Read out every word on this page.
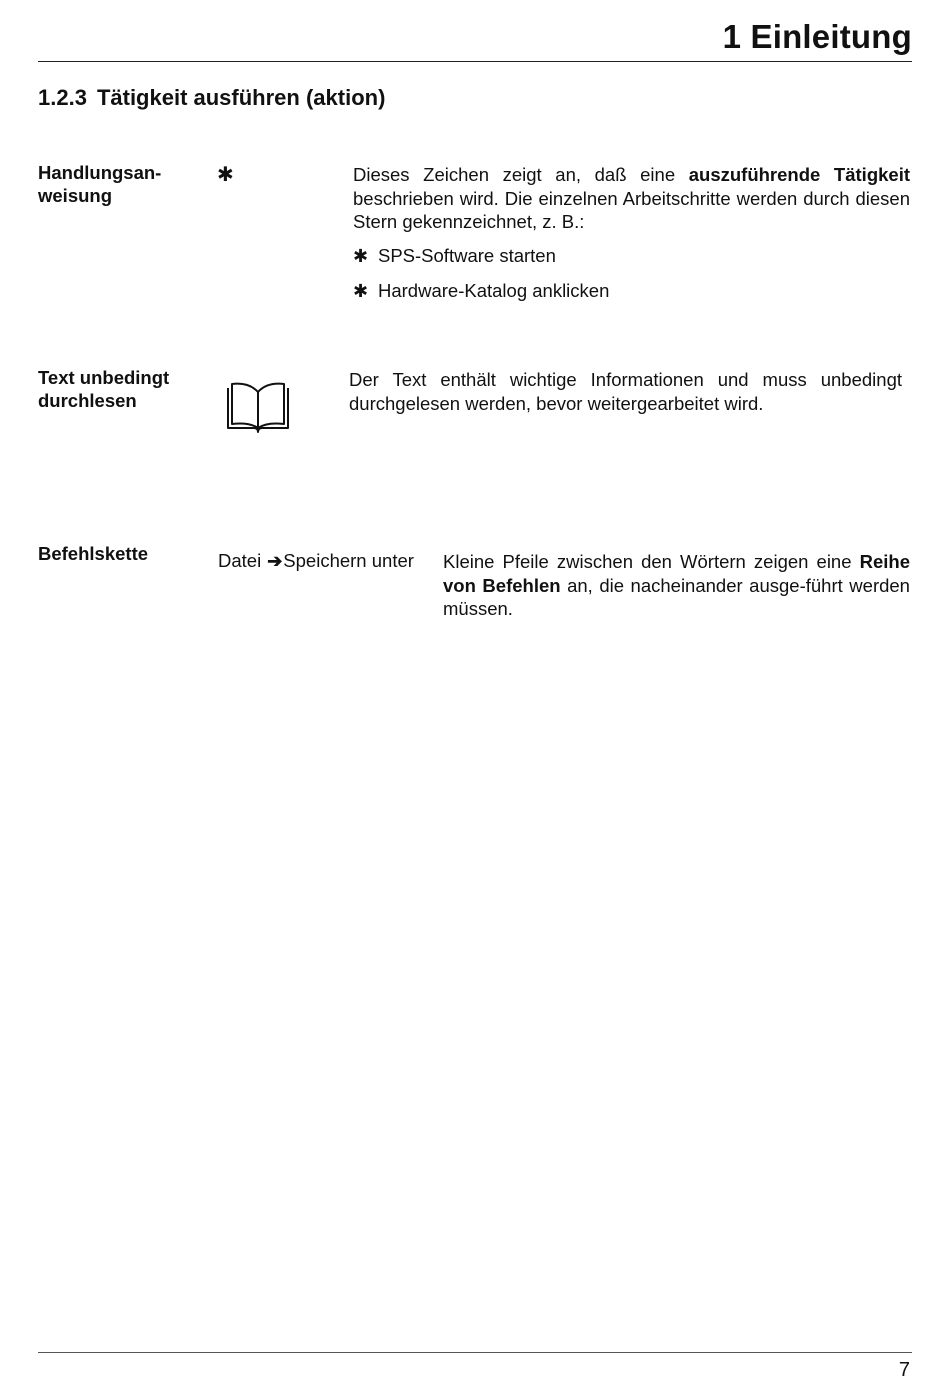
1 Einleitung
1.2.3 Tätigkeit ausführen (aktion)
Handlungsan-
weisung
✱	Dieses Zeichen zeigt an, daß eine auszuführende Tätigkeit beschrieben wird. Die einzelnen Arbeitschritte werden durch diesen Stern gekennzeichnet, z. B.:
✱ SPS-Software starten
✱ Hardware-Katalog anklicken
Text unbedingt
durchlesen
Der Text enthält wichtige Informationen und muss unbedingt durchgelesen werden, bevor weitergearbeitet wird.
Befehlskette	Datei ➔Speichern unter Kleine Pfeile zwischen den Wörtern zeigen eine Reihe von Befehlen an, die nacheinander ausge-führt werden müssen.
7
